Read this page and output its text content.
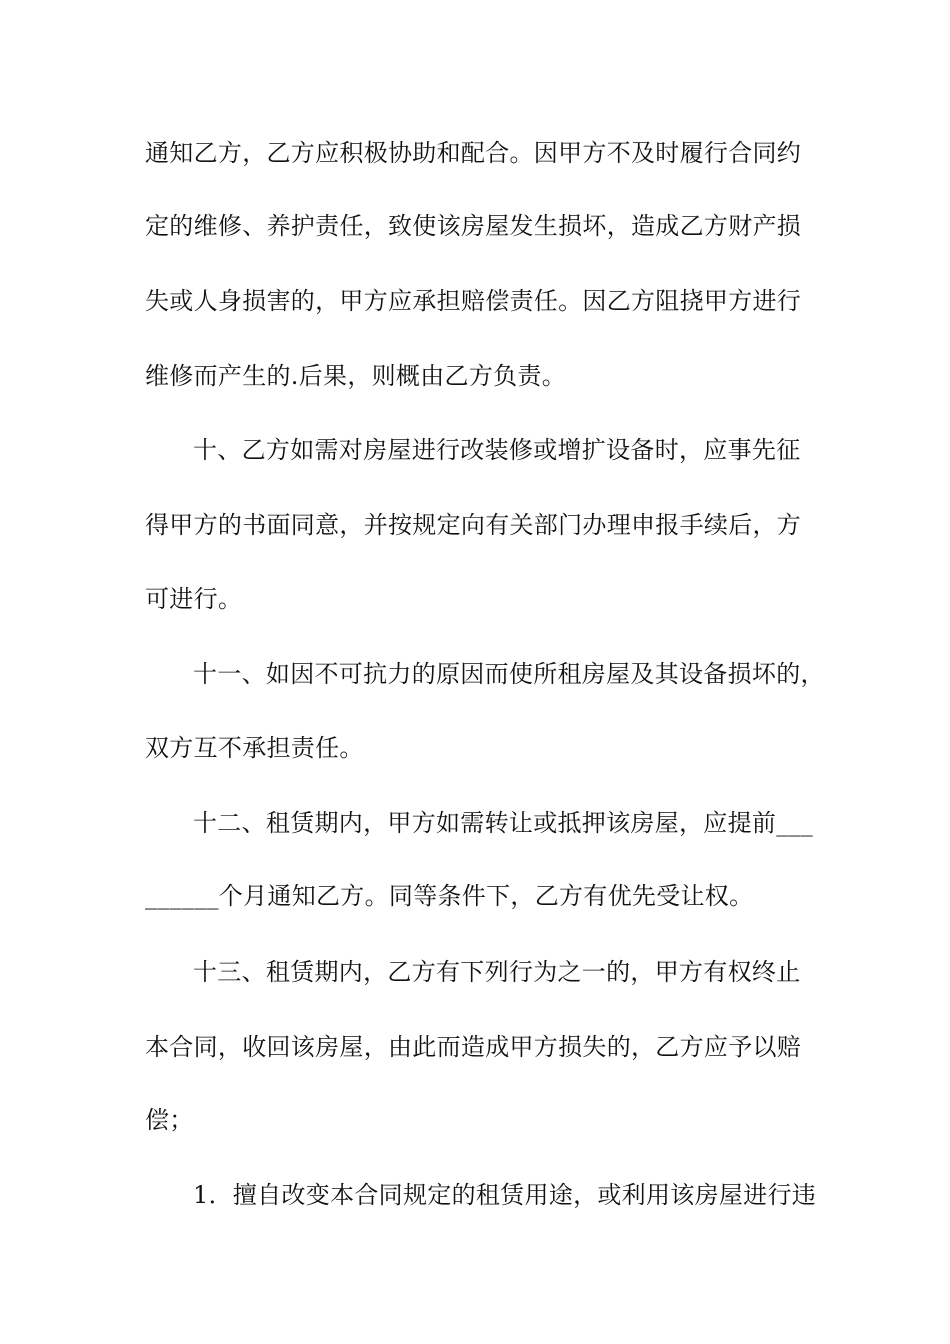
通知乙方，乙方应积极协助和配合。因甲方不及时履行合同约
定的维修、养护责任，致使该房屋发生损坏，造成乙方财产损
失或人身损害的，甲方应承担赔偿责任。因乙方阻挠甲方进行
维修而产生的.后果，则概由乙方负责。
十、乙方如需对房屋进行改装修或增扩设备时，应事先征
得甲方的书面同意，并按规定向有关部门办理申报手续后，方
可进行。
十一、如因不可抗力的原因而使所租房屋及其设备损坏的，
双方互不承担责任。
十二、租赁期内，甲方如需转让或抵押该房屋，应提前___
______个月通知乙方。同等条件下，乙方有优先受让权。
十三、租赁期内，乙方有下列行为之一的，甲方有权终止
本合同，收回该房屋，由此而造成甲方损失的，乙方应予以赔
偿；
1．擅自改变本合同规定的租赁用途，或利用该房屋进行违
